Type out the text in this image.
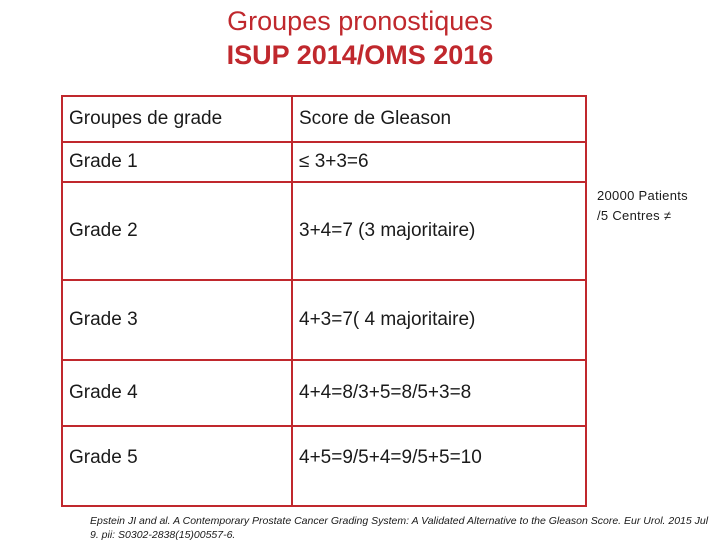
Groupes pronostiques
ISUP 2014/OMS 2016
Groupes de grade	Score de Gleason
Grade 1	≤ 3+3=6
Grade 2	3+4=7 (3 majoritaire)
Grade 3	4+3=7( 4 majoritaire)
Grade 4	4+4=8/3+5=8/5+3=8
Grade 5	4+5=9/5+4=9/5+5=10
20000 Patients
/5 Centres ≠
Epstein JI and al. A Contemporary Prostate Cancer Grading System: A Validated Alternative to the Gleason Score. Eur Urol. 2015 Jul 9. pii: S0302-2838(15)00557-6.
